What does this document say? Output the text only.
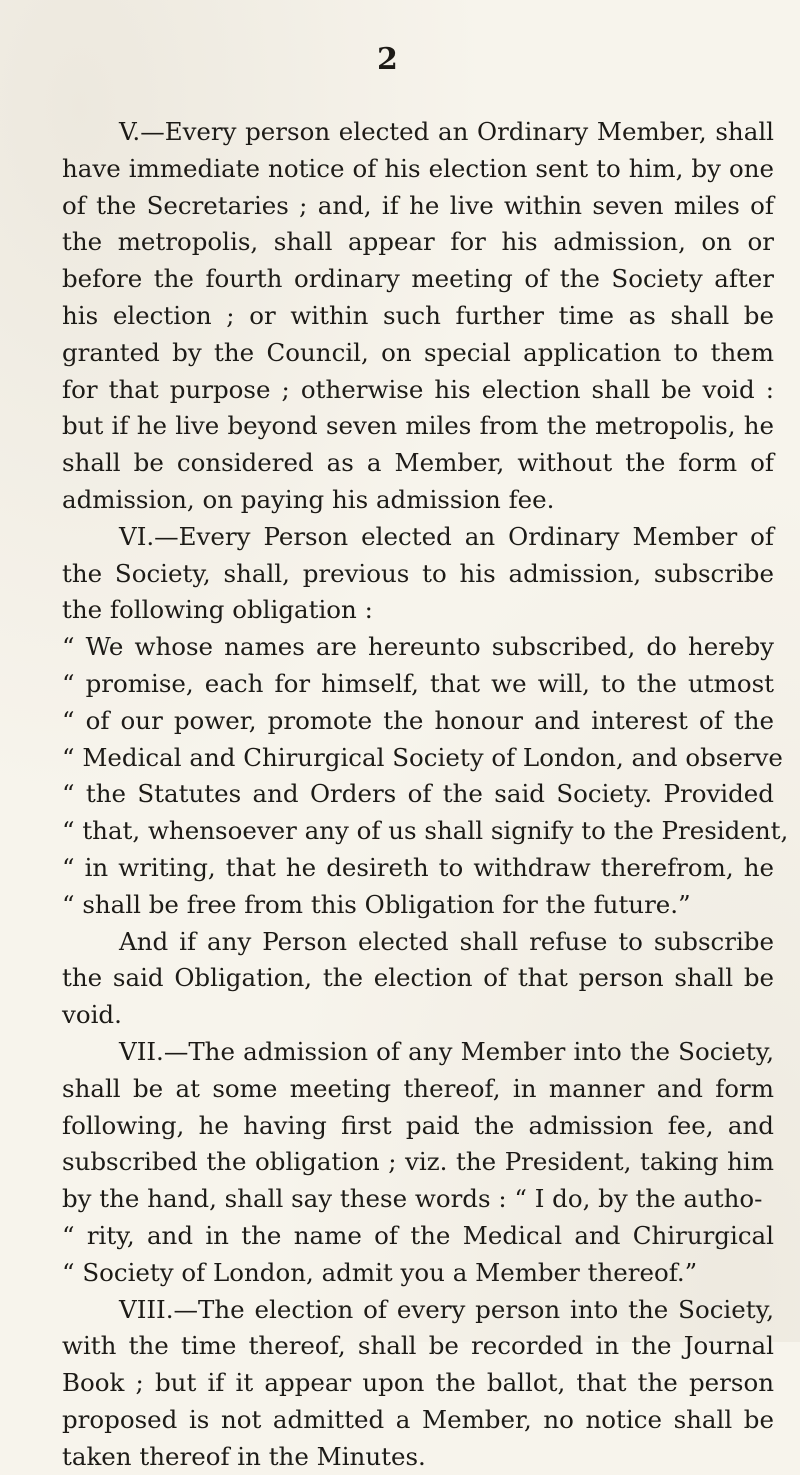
2

V.—Every person elected an Ordinary Member, shall have immediate notice of his election sent to him, by one of the Secretaries ; and, if he live within seven miles of the metropolis, shall appear for his admission, on or before the fourth ordinary meeting of the Society after his election ; or within such further time as shall be granted by the Council, on special application to them for that purpose ; otherwise his election shall be void : but if he live beyond seven miles from the metropolis, he shall be considered as a Member, without the form of admission, on paying his admission fee.

VI.—Every Person elected an Ordinary Member of the Society, shall, previous to his admission, subscribe the following obligation :

“ We whose names are hereunto subscribed, do hereby
“ promise, each for himself, that we will, to the utmost
“ of our power, promote the honour and interest of the
“ Medical and Chirurgical Society of London, and observe
“ the Statutes and Orders of the said Society. Provided
“ that, whensoever any of us shall signify to the President,
“ in writing, that he desireth to withdraw therefrom, he
“ shall be free from this Obligation for the future.”

And if any Person elected shall refuse to subscribe the said Obligation, the election of that person shall be void.

VII.—The admission of any Member into the Society, shall be at some meeting thereof, in manner and form following, he having first paid the admission fee, and subscribed the obligation ; viz. the President, taking him by the hand, shall say these words : “ I do, by the autho-

“ rity, and in the name of the Medical and Chirurgical
“ Society of London, admit you a Member thereof.”

VIII.—The election of every person into the Society, with the time thereof, shall be recorded in the Journal Book ; but if it appear upon the ballot, that the person proposed is not admitted a Member, no notice shall be taken thereof in the Minutes.
